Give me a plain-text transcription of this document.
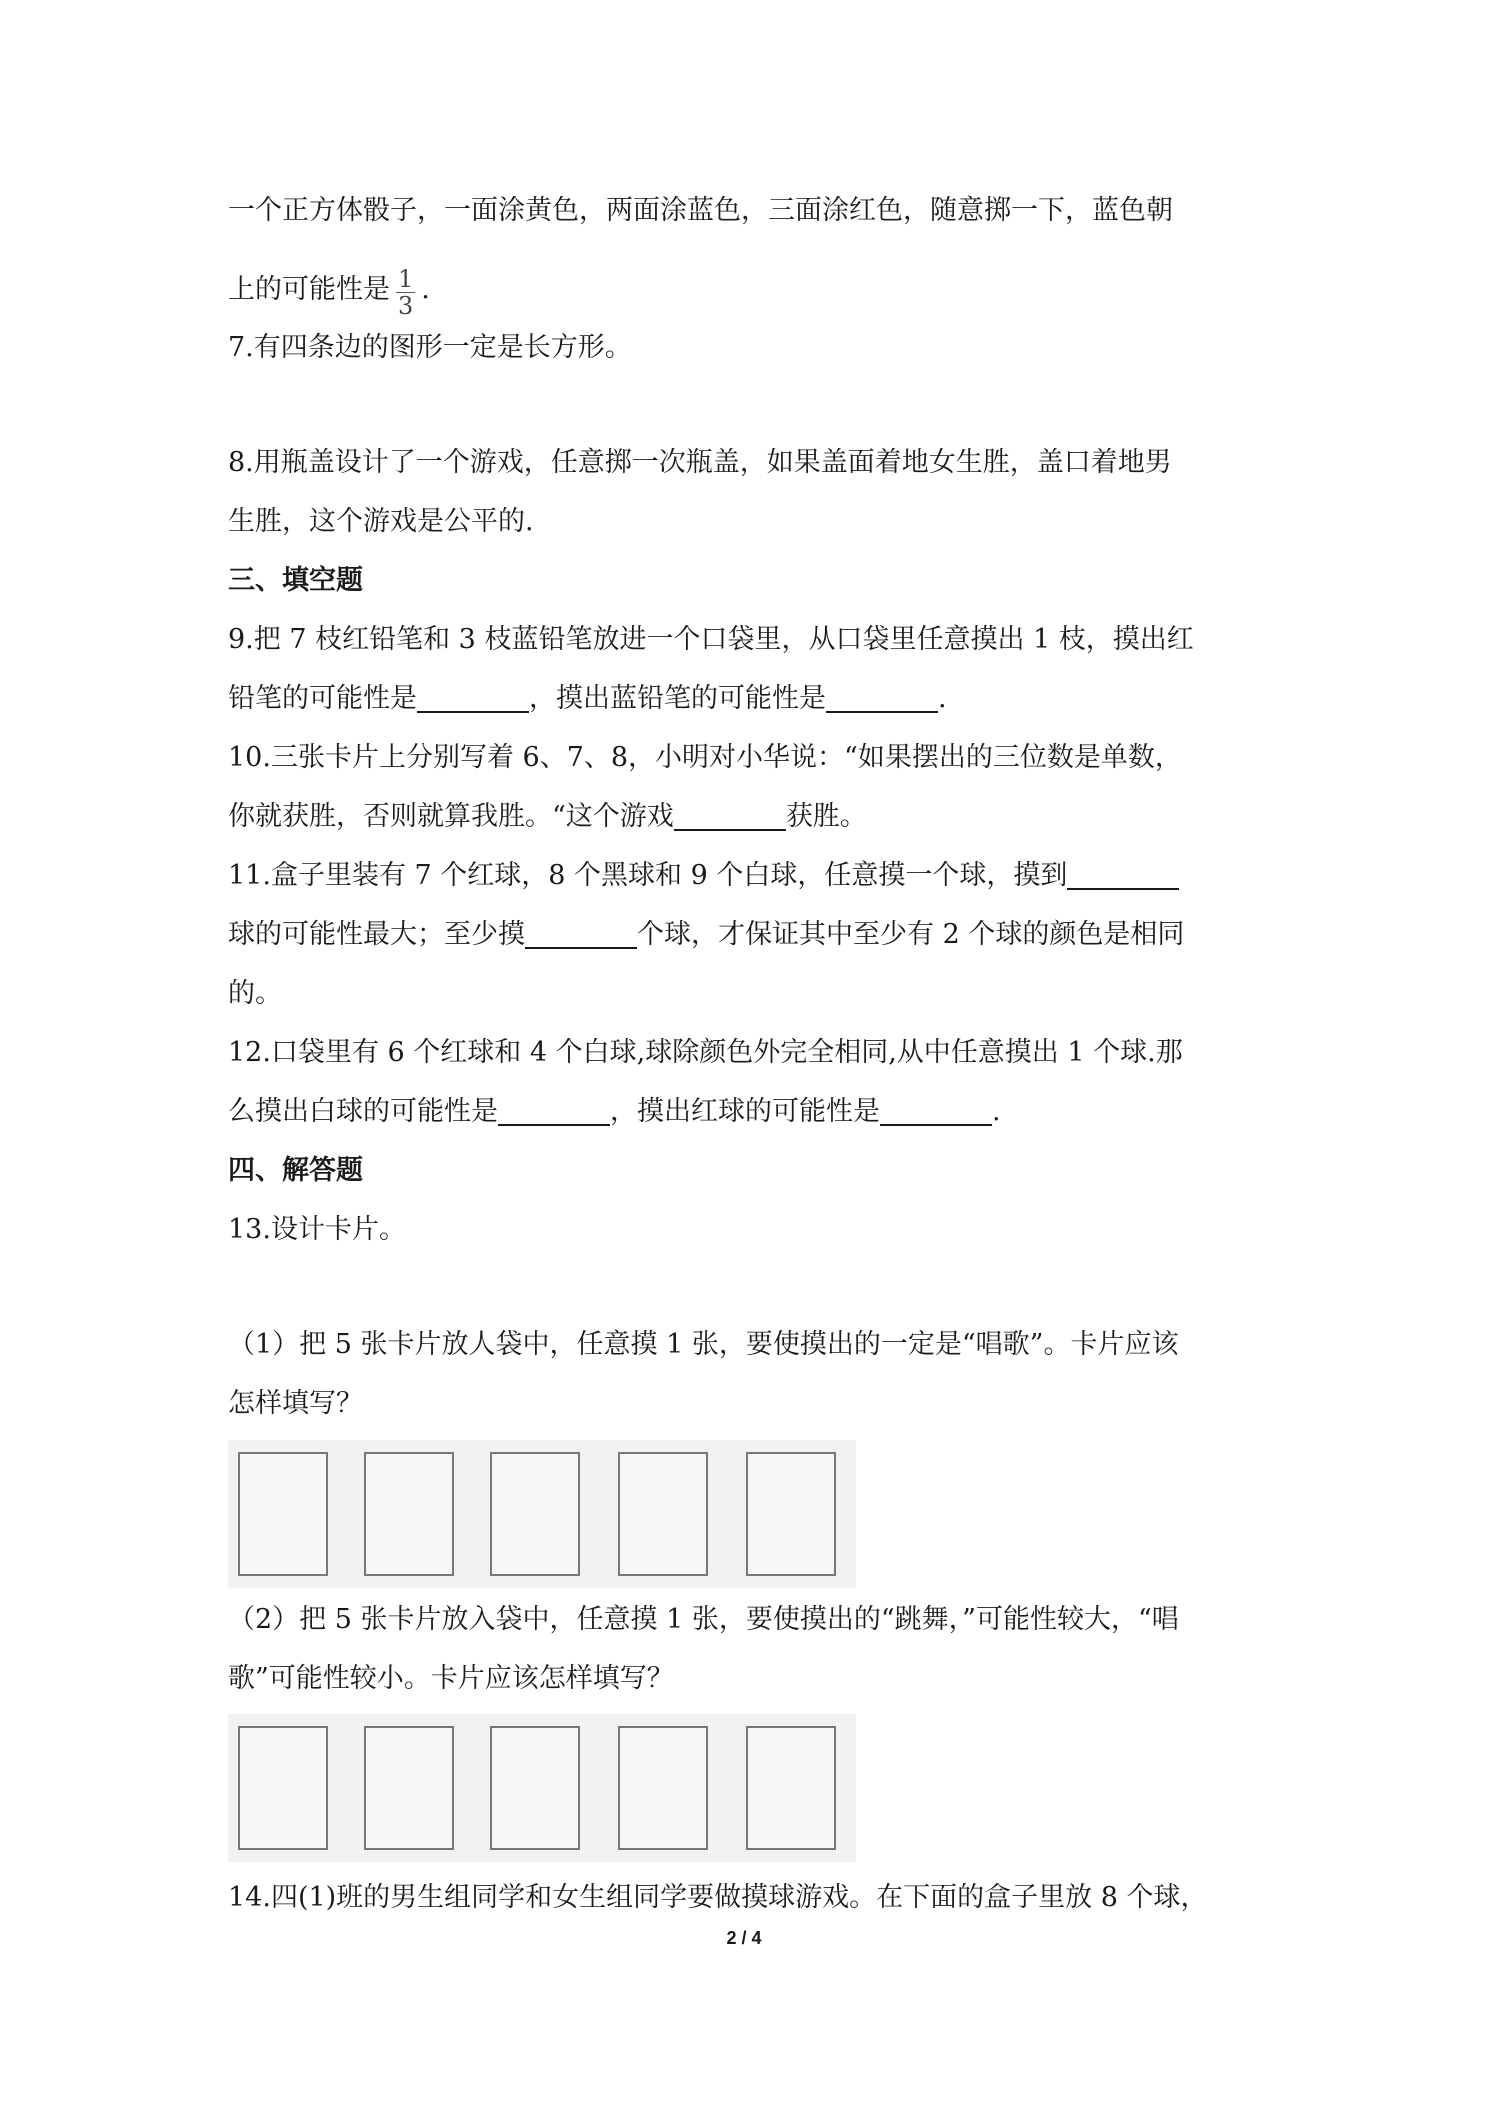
一个正方体骰子，一面涂黄色，两面涂蓝色，三面涂红色，随意掷一下，蓝色朝
上的可能性是 $\frac{1}{3}$ .
7.有四条边的图形一定是长方形。
8.用瓶盖设计了一个游戏，任意掷一次瓶盖，如果盖面着地女生胜，盖口着地男
生胜，这个游戏是公平的.
三、填空题
9.把 7 枝红铅笔和 3 枝蓝铅笔放进一个口袋里，从口袋里任意摸出 1 枝，摸出红
铅笔的可能性是	，摸出蓝铅笔的可能性是	.
10.三张卡片上分别写着 6、7、8，小明对小华说：“如果摆出的三位数是单数，
你就获胜，否则就算我胜。“这个游戏	获胜。
11.盒子里装有 7 个红球，8 个黑球和 9 个白球，任意摸一个球，摸到
球的可能性最大；至少摸	个球，才保证其中至少有 2 个球的颜色是相同
的。
12.口袋里有 6 个红球和 4 个白球,球除颜色外完全相同,从中任意摸出 1 个球.那
么摸出白球的可能性是	，摸出红球的可能性是	.
四、解答题
13.设计卡片。
（1）把 5 张卡片放人袋中，任意摸 1 张，要使摸出的一定是“唱歌”。卡片应该
怎样填写？
（2）把 5 张卡片放入袋中，任意摸 1 张，要使摸出的“跳舞，”可能性较大，“唱
歌”可能性较小。卡片应该怎样填写？
14.四(1)班的男生组同学和女生组同学要做摸球游戏。在下面的盒子里放 8 个球，
2 / 4
